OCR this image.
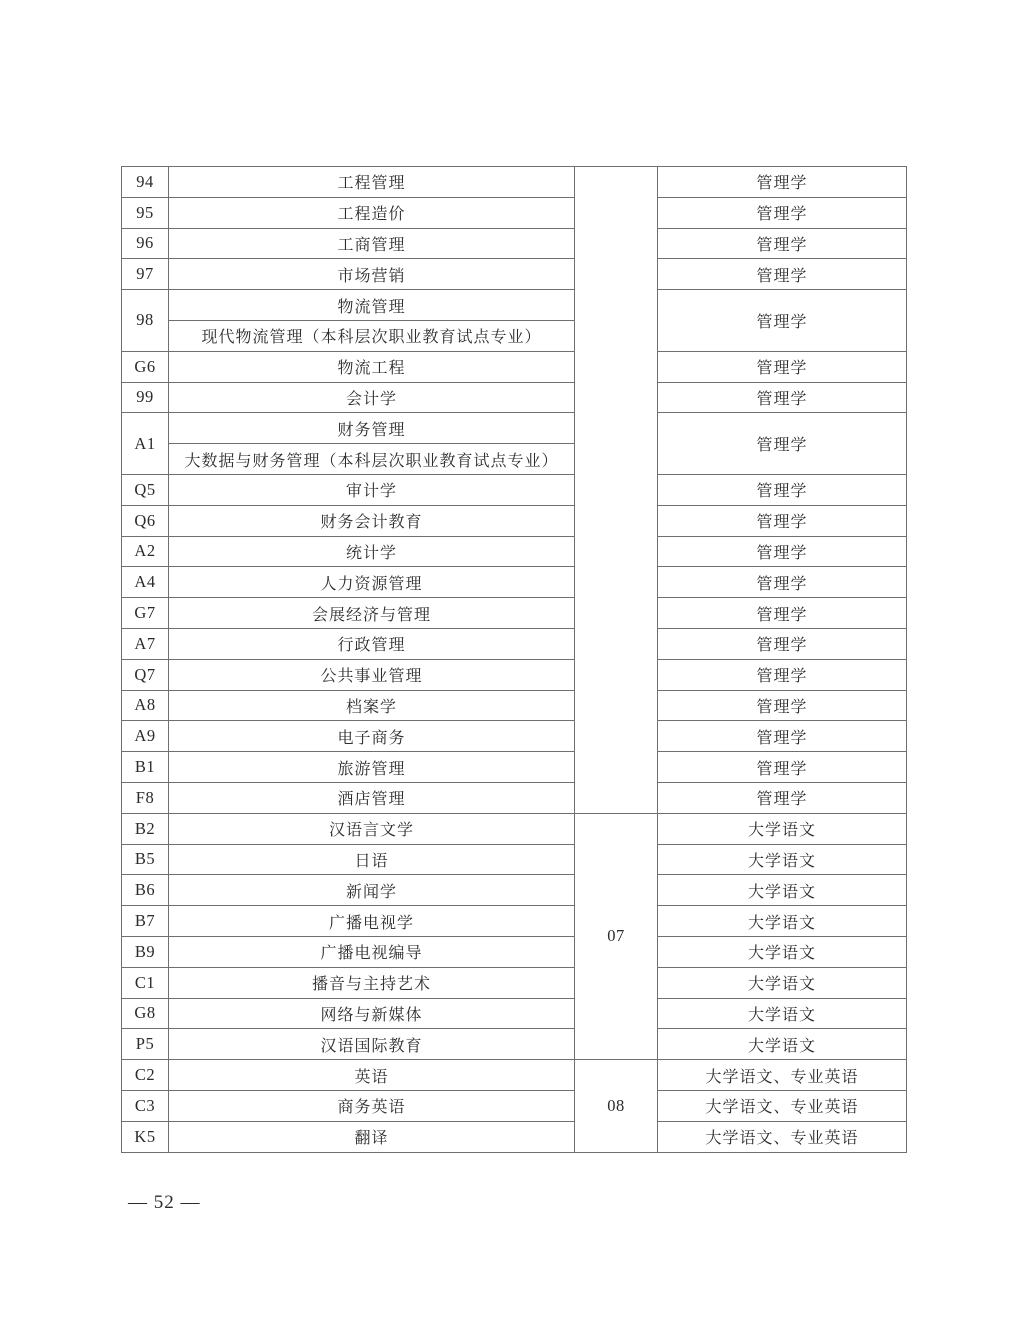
94	工程管理		管理学
95	工程造价		管理学
96	工商管理		管理学
97	市场营销		管理学
98	物流管理		管理学
	现代物流管理（本科层次职业教育试点专业）		
G6	物流工程		管理学
99	会计学		管理学
A1	财务管理		管理学
	大数据与财务管理（本科层次职业教育试点专业）		
Q5	审计学		管理学
Q6	财务会计教育		管理学
A2	统计学		管理学
A4	人力资源管理		管理学
G7	会展经济与管理		管理学
A7	行政管理		管理学
Q7	公共事业管理		管理学
A8	档案学		管理学
A9	电子商务		管理学
B1	旅游管理		管理学
F8	酒店管理		管理学
B2	汉语言文学	07	大学语文
B5	日语		大学语文
B6	新闻学		大学语文
B7	广播电视学		大学语文
B9	广播电视编导		大学语文
C1	播音与主持艺术		大学语文
G8	网络与新媒体		大学语文
P5	汉语国际教育		大学语文
C2	英语	08	大学语文、专业英语
C3	商务英语		大学语文、专业英语
K5	翻译		大学语文、专业英语
— 52 —
